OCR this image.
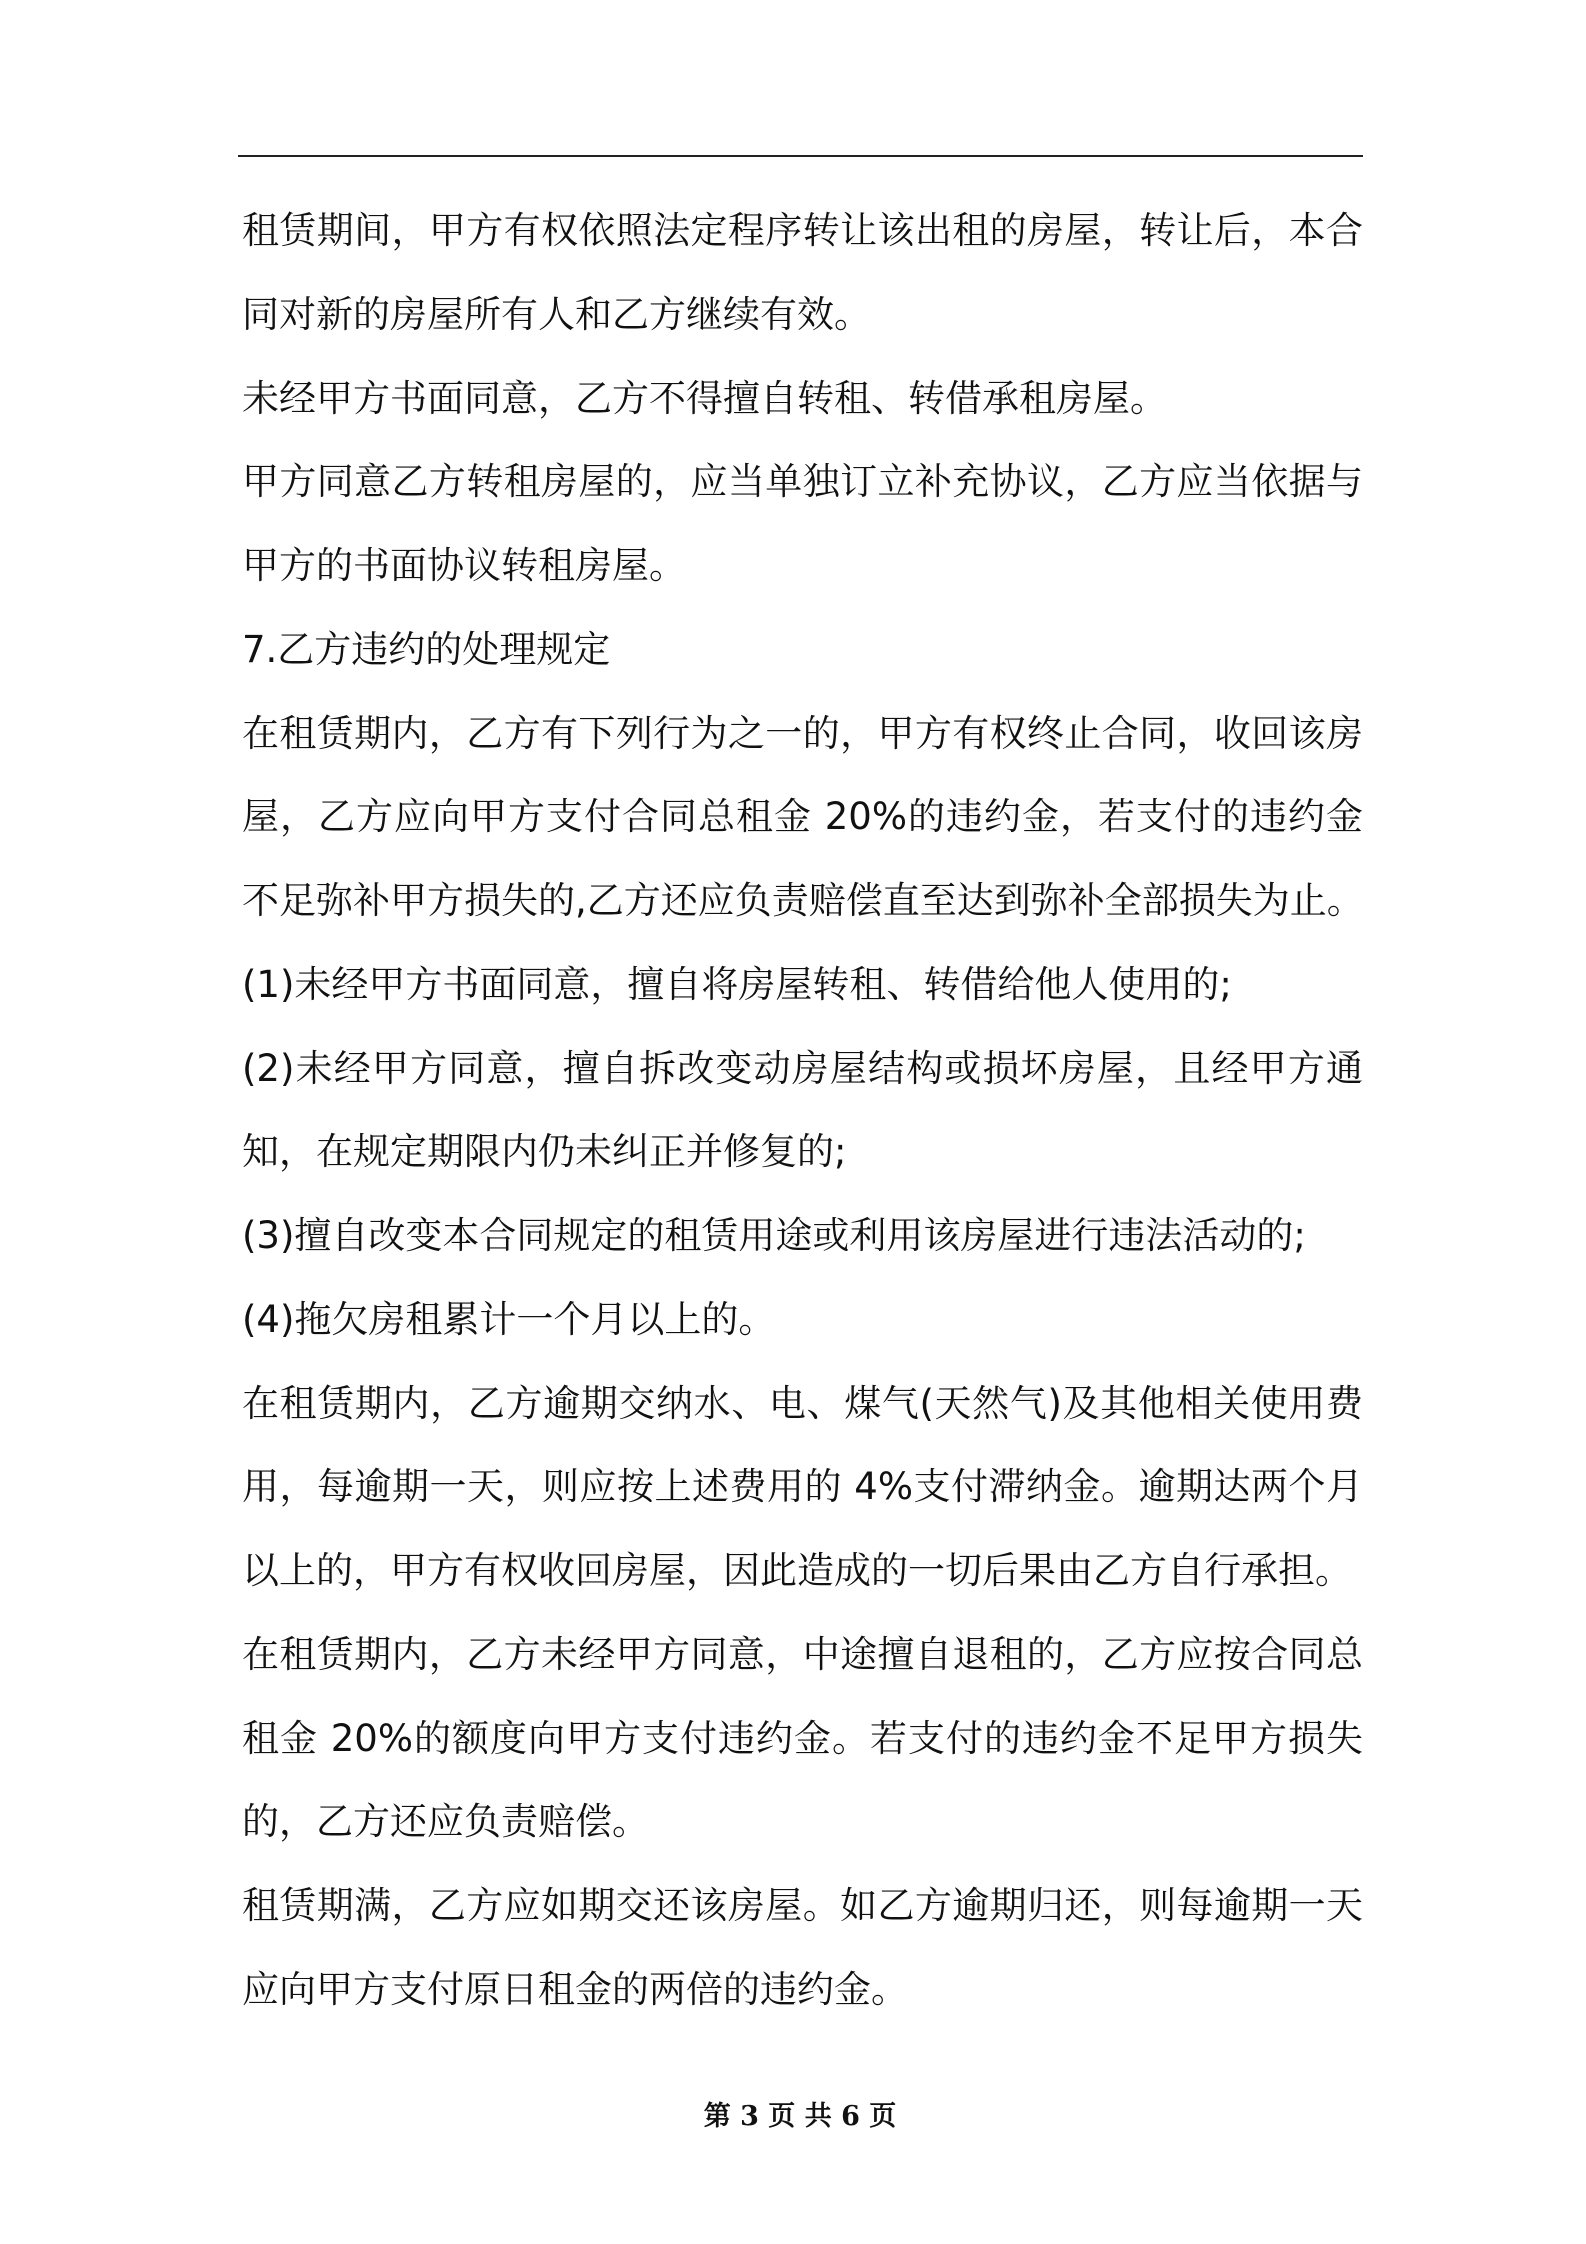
租赁期间，甲方有权依照法定程序转让该出租的房屋，转让后，本合
同对新的房屋所有人和乙方继续有效。
未经甲方书面同意，乙方不得擅自转租、转借承租房屋。
甲方同意乙方转租房屋的，应当单独订立补充协议，乙方应当依据与
甲方的书面协议转租房屋。
7.乙方违约的处理规定
在租赁期内，乙方有下列行为之一的，甲方有权终止合同，收回该房
屋，乙方应向甲方支付合同总租金 20%的违约金，若支付的违约金
不足弥补甲方损失的,乙方还应负责赔偿直至达到弥补全部损失为止。
(1)未经甲方书面同意，擅自将房屋转租、转借给他人使用的;
(2)未经甲方同意，擅自拆改变动房屋结构或损坏房屋，且经甲方通
知，在规定期限内仍未纠正并修复的;
(3)擅自改变本合同规定的租赁用途或利用该房屋进行违法活动的;
(4)拖欠房租累计一个月以上的。
在租赁期内，乙方逾期交纳水、电、煤气(天然气)及其他相关使用费
用，每逾期一天，则应按上述费用的 4%支付滞纳金。逾期达两个月
以上的，甲方有权收回房屋，因此造成的一切后果由乙方自行承担。
在租赁期内，乙方未经甲方同意，中途擅自退租的，乙方应按合同总
租金 20%的额度向甲方支付违约金。若支付的违约金不足甲方损失
的，乙方还应负责赔偿。
租赁期满，乙方应如期交还该房屋。如乙方逾期归还，则每逾期一天
应向甲方支付原日租金的两倍的违约金。
第 3 页 共 6 页
